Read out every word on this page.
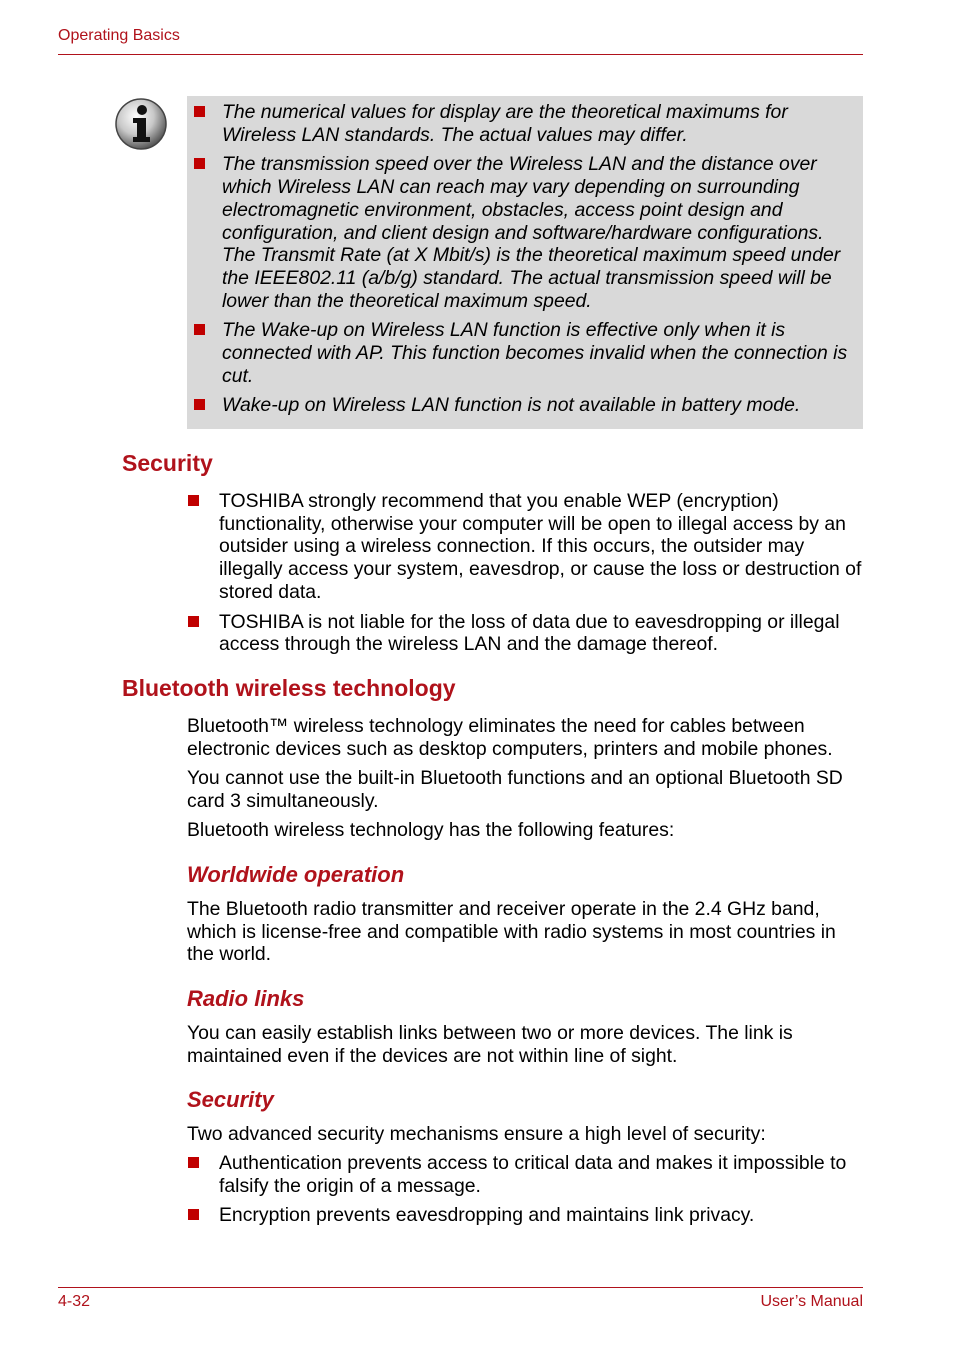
Operating Basics
The numerical values for display are the theoretical maximums for Wireless LAN standards. The actual values may differ.
The transmission speed over the Wireless LAN and the distance over which Wireless LAN can reach may vary depending on surrounding electromagnetic environment, obstacles, access point design and configuration, and client design and software/hardware configurations. The Transmit Rate (at X Mbit/s) is the theoretical maximum speed under the IEEE802.11 (a/b/g) standard. The actual transmission speed will be lower than the theoretical maximum speed.
The Wake-up on Wireless LAN function is effective only when it is connected with AP. This function becomes invalid when the connection is cut.
Wake-up on Wireless LAN function is not available in battery mode.
Security
TOSHIBA strongly recommend that you enable WEP (encryption) functionality, otherwise your computer will be open to illegal access by an outsider using a wireless connection. If this occurs, the outsider may illegally access your system, eavesdrop, or cause the loss or destruction of stored data.
TOSHIBA is not liable for the loss of data due to eavesdropping or illegal access through the wireless LAN and the damage thereof.
Bluetooth wireless technology
Bluetooth™ wireless technology eliminates the need for cables between electronic devices such as desktop computers, printers and mobile phones.
You cannot use the built-in Bluetooth functions and an optional Bluetooth SD card 3 simultaneously.
Bluetooth wireless technology has the following features:
Worldwide operation
The Bluetooth radio transmitter and receiver operate in the 2.4 GHz band, which is license-free and compatible with radio systems in most countries in the world.
Radio links
You can easily establish links between two or more devices. The link is maintained even if the devices are not within line of sight.
Security
Two advanced security mechanisms ensure a high level of security:
Authentication prevents access to critical data and makes it impossible to falsify the origin of a message.
Encryption prevents eavesdropping and maintains link privacy.
4-32	User’s Manual
